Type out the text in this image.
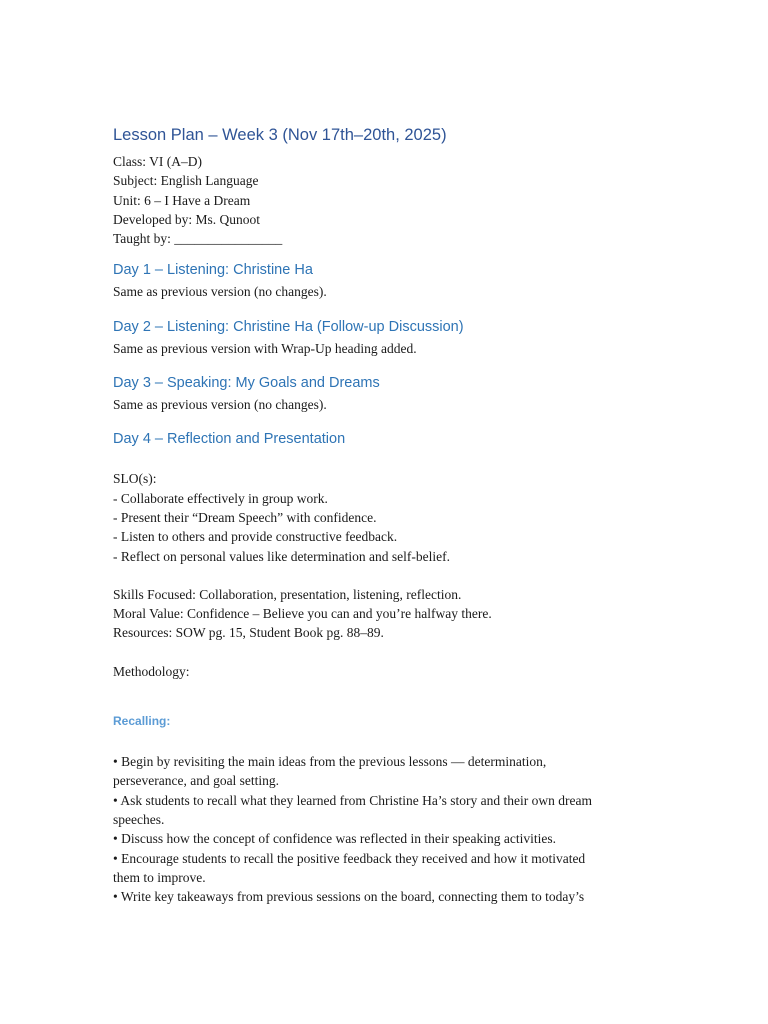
Lesson Plan – Week 3 (Nov 17th–20th, 2025)

Class: VI (A–D)

Subject: English Language

Unit: 6 – I Have a Dream

Developed by: Ms. Qunoot

Taught by: ________________

Day 1 – Listening: Christine Ha

Same as previous version (no changes).

Day 2 – Listening: Christine Ha (Follow-up Discussion)

Same as previous version with Wrap-Up heading added.

Day 3 – Speaking: My Goals and Dreams

Same as previous version (no changes).

Day 4 – Reflection and Presentation

SLO(s):

- Collaborate effectively in group work.

- Present their “Dream Speech” with confidence.

- Listen to others and provide constructive feedback.

- Reflect on personal values like determination and self-belief.

Skills Focused: Collaboration, presentation, listening, reflection.

Moral Value: Confidence – Believe you can and you’re halfway there.

Resources: SOW pg. 15, Student Book pg. 88–89.

Methodology:

Recalling:

• Begin by revisiting the main ideas from the previous lessons — determination,

perseverance, and goal setting.

• Ask students to recall what they learned from Christine Ha’s story and their own dream

speeches.

• Discuss how the concept of confidence was reflected in their speaking activities.

• Encourage students to recall the positive feedback they received and how it motivated

them to improve.

• Write key takeaways from previous sessions on the board, connecting them to today’s
